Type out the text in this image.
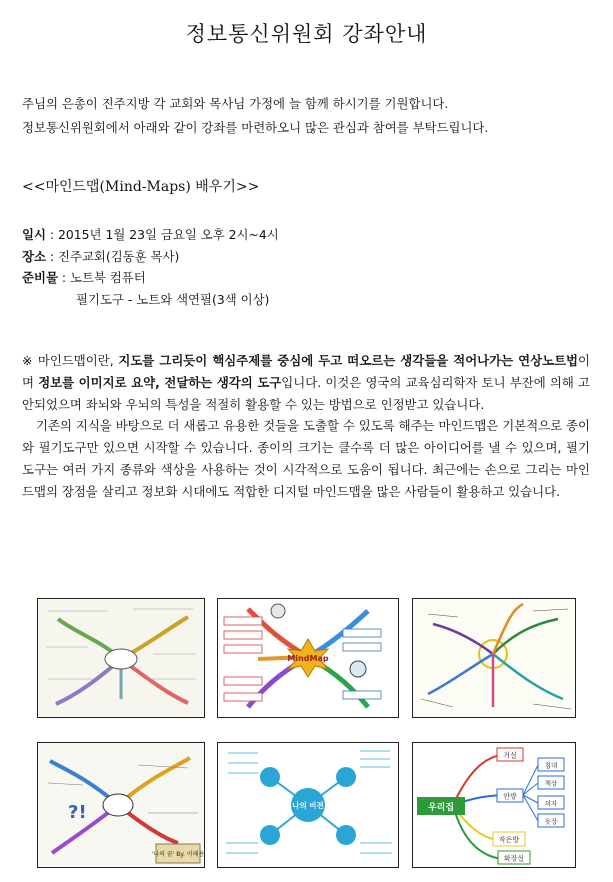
정보통신위원회 강좌안내
주님의 은총이 진주지방 각 교회와 목사님 가정에 늘 함께 하시기를 기원합니다.
정보통신위원회에서 아래와 같이 강좌를 마련하오니 많은 관심과 참여를 부탁드립니다.
<<마인드맵(Mind-Maps) 배우기>>
일시 : 2015년 1월 23일 금요일 오후 2시~4시
장소 : 진주교회(김동훈 목사)
준비물 : 노트북 컴퓨터
필기도구 - 노트와 색연필(3색 이상)

※ 마인드맵이란, 지도를 그리듯이 핵심주제를 중심에 두고 떠오르는 생각들을 적어나가는 연상노트법이며 정보를 이미지로 요약, 전달하는 생각의 도구입니다. 이것은 영국의 교육심리학자 토니 부잔에 의해 고안되었으며 좌뇌와 우뇌의 특성을 적절히 활용할 수 있는 방법으로 인정받고 있습니다.

기존의 지식을 바탕으로 더 새롭고 유용한 것들을 도출할 수 있도록 해주는 마인드맵은 기본적으로 종이와 필기도구만 있으면 시작할 수 있습니다. 종이의 크기는 클수록 더 많은 아이디어를 낼 수 있으며, 필기도구는 여러 가지 종류와 색상을 사용하는 것이 시각적으로 도움이 됩니다. 최근에는 손으로 그리는 마인드맵의 장점을 살리고 정보화 시대에도 적합한 디지털 마인드맵을 많은 사람들이 활용하고 있습니다.

MindMap
?!
'나의 꿈' By. 이해용
나의 비전	우리집
거실
안방
침대
책상
의자
옷장
작은방
화장실
